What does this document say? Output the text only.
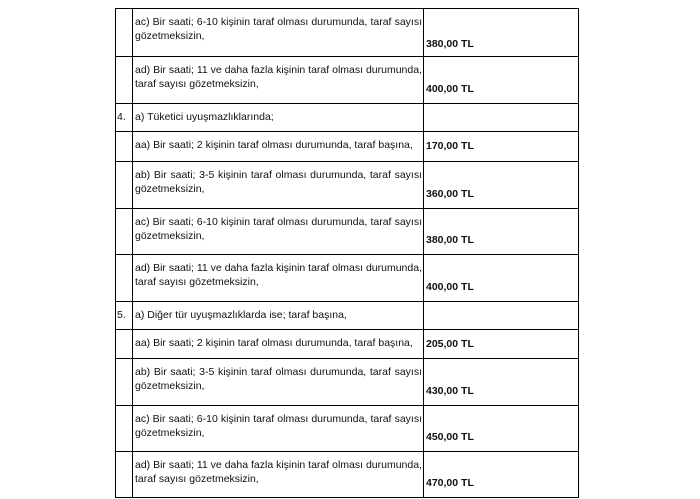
	ac) Bir saati; 6-10 kişinin taraf olması durumunda, taraf sayısı gözetmeksizin,	380,00 TL

	ad) Bir saati; 11 ve daha fazla kişinin taraf olması durumunda, taraf sayısı gözetmeksizin,	400,00 TL

4.	a) Tüketici uyuşmazlıklarında;	

	aa) Bir saati; 2 kişinin taraf olması durumunda, taraf başına,	170,00 TL

	ab) Bir saati; 3-5 kişinin taraf olması durumunda, taraf sayısı gözetmeksizin,	360,00 TL

	ac) Bir saati; 6-10 kişinin taraf olması durumunda, taraf sayısı gözetmeksizin,	380,00 TL

	ad) Bir saati; 11 ve daha fazla kişinin taraf olması durumunda, taraf sayısı gözetmeksizin,	400,00 TL

5.	a) Diğer tür uyuşmazlıklarda ise; taraf başına,	

	aa) Bir saati; 2 kişinin taraf olması durumunda, taraf başına,	205,00 TL

	ab) Bir saati; 3-5 kişinin taraf olması durumunda, taraf sayısı gözetmeksizin,	430,00 TL

	ac) Bir saati; 6-10 kişinin taraf olması durumunda, taraf sayısı gözetmeksizin,	450,00 TL

	ad) Bir saati; 11 ve daha fazla kişinin taraf olması durumunda, taraf sayısı gözetmeksizin,	470,00 TL
